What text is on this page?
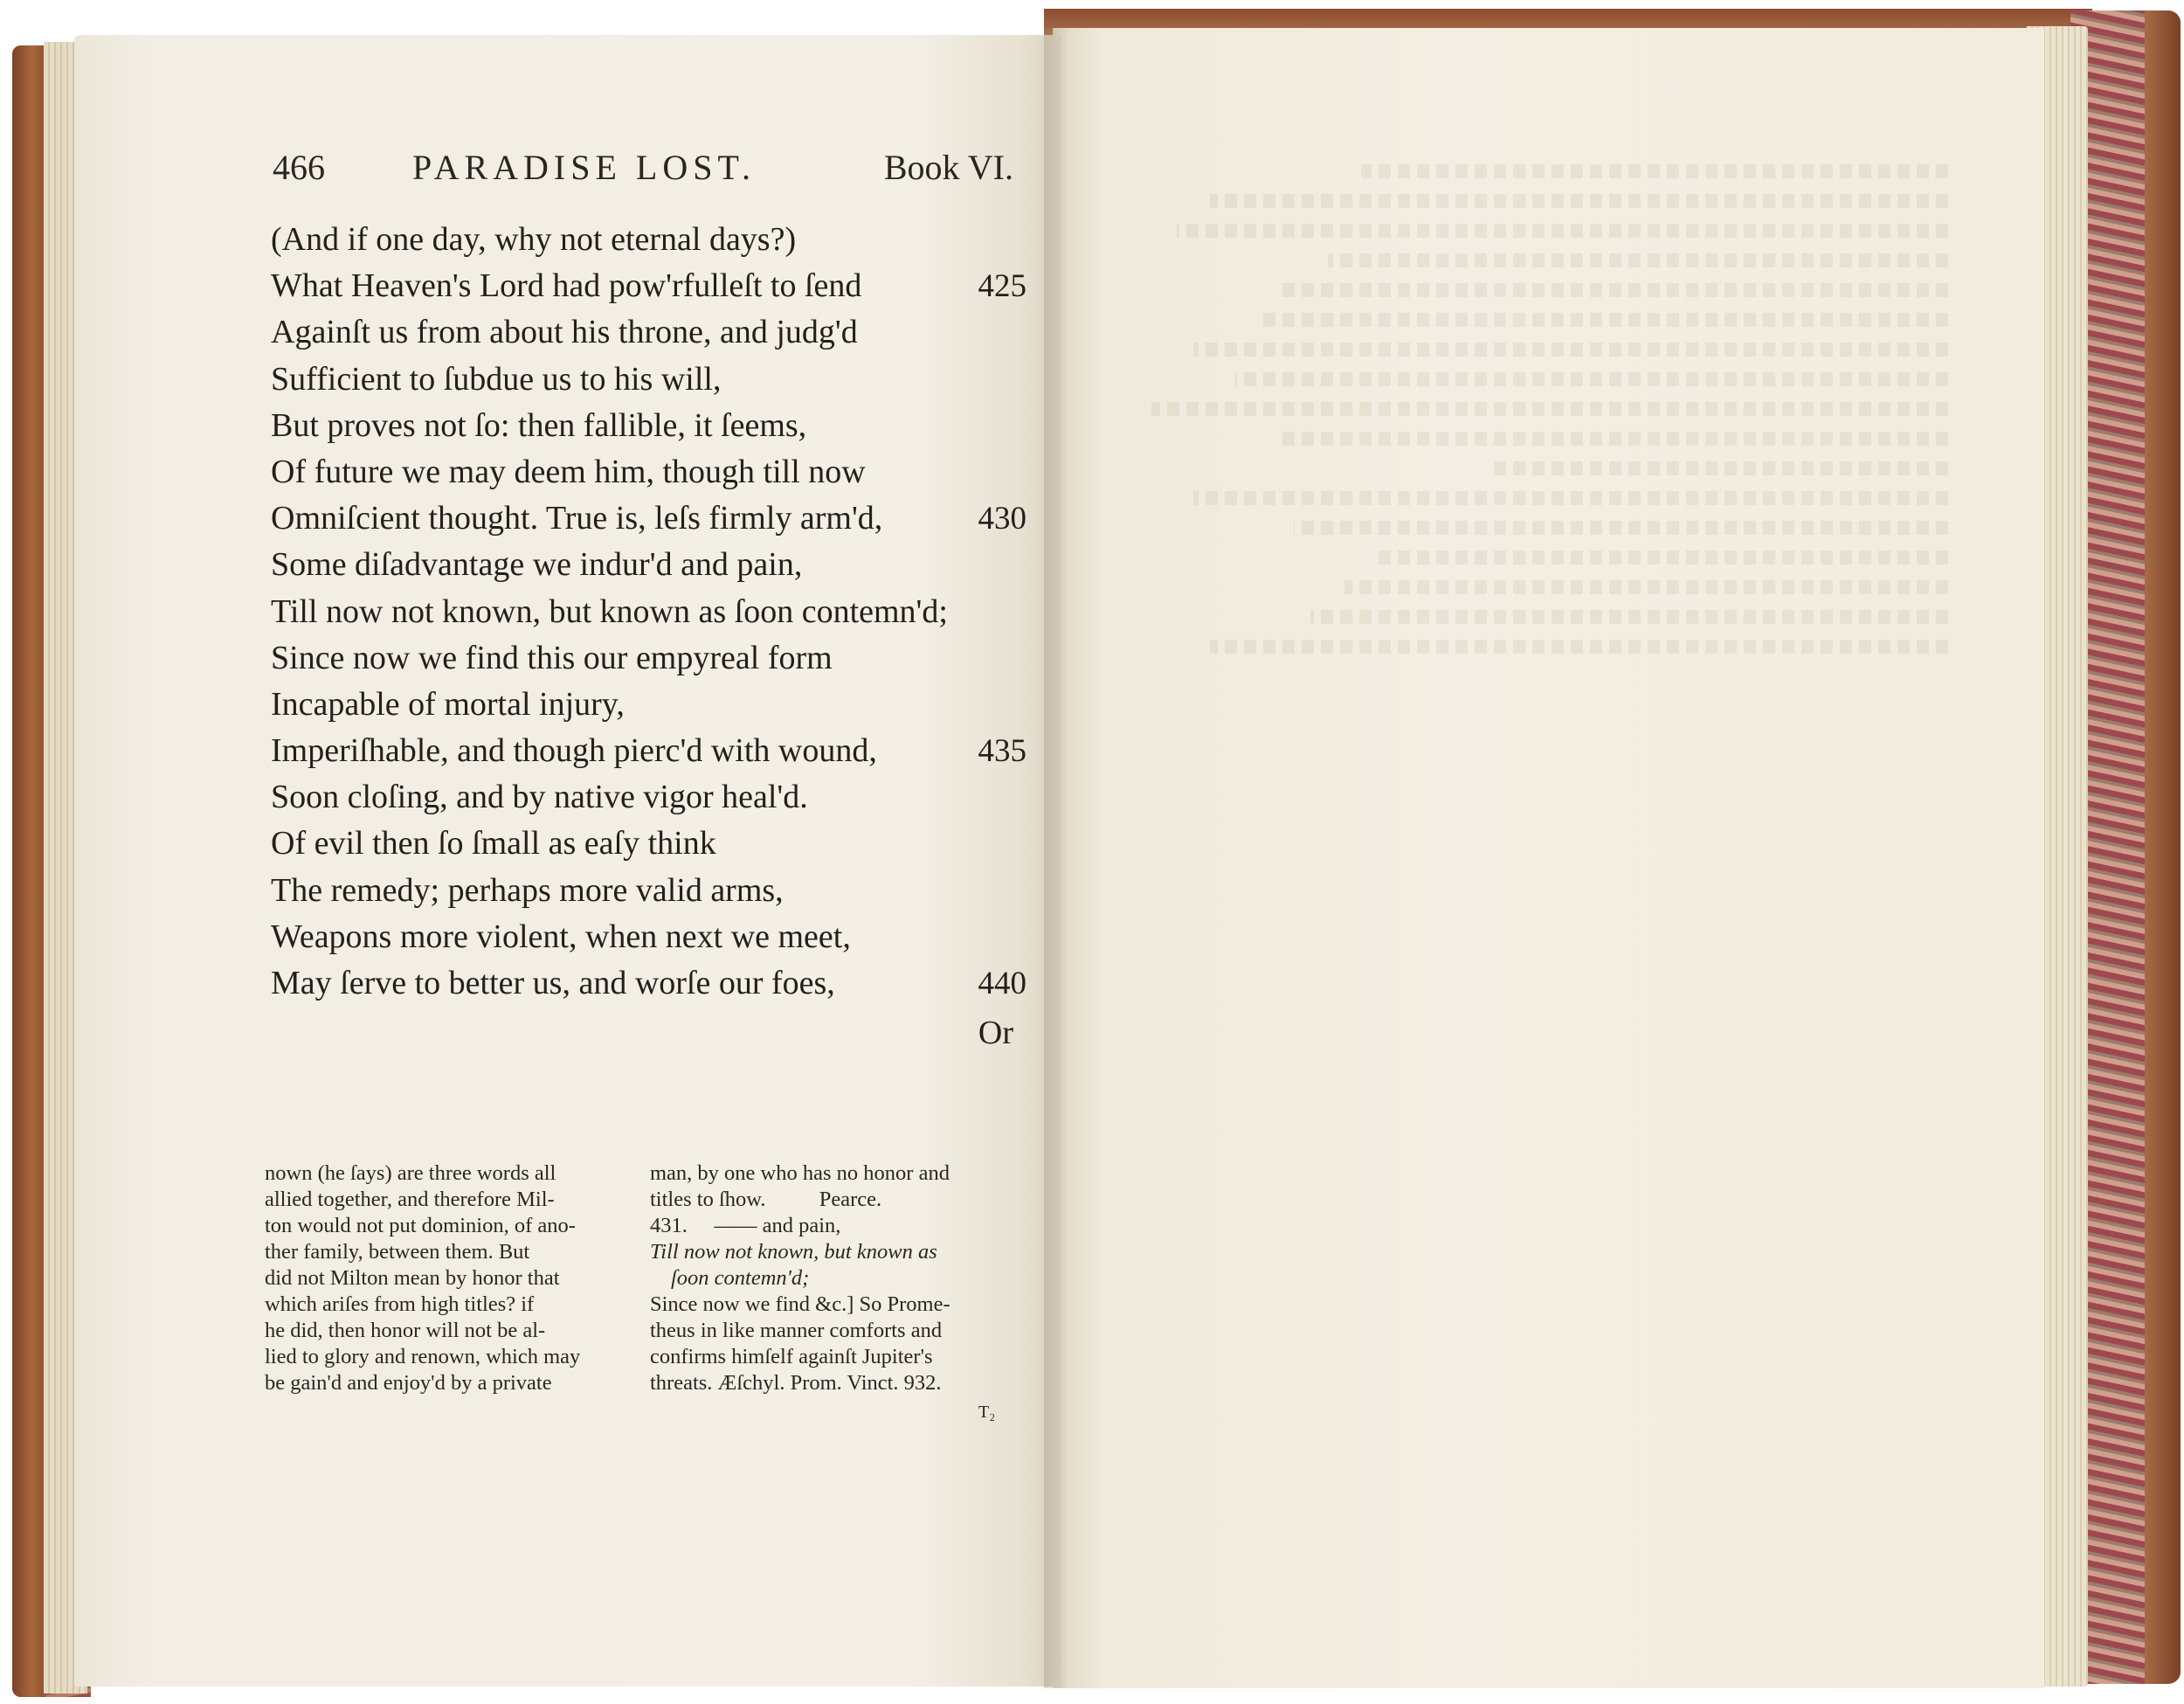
466	PARADISE LOST.	Book VI.
(And if one day, why not eternal days?)
What Heaven's Lord had pow'rfulleſt to ſend	425
Againſt us from about his throne, and judg'd
Sufficient to ſubdue us to his will,
But proves not ſo: then fallible, it ſeems,
Of future we may deem him, though till now
Omniſcient thought. True is, leſs firmly arm'd,	430
Some diſadvantage we indur'd and pain,
Till now not known, but known as ſoon contemn'd;
Since now we find this our empyreal form
Incapable of mortal injury,
Imperiſhable, and though pierc'd with wound,	435
Soon cloſing, and by native vigor heal'd.
Of evil then ſo ſmall as eaſy think
The remedy; perhaps more valid arms,
Weapons more violent, when next we meet,
May ſerve to better us, and worſe our foes,	440
Or
nown (he ſays) are three words all
allied together, and therefore Mil-
ton would not put dominion, of ano-
ther family, between them. But
did not Milton mean by honor that
which ariſes from high titles? if
he did, then honor will not be al-
lied to glory and renown, which may
be gain'd and enjoy'd by a private
man, by one who has no honor and
titles to ſhow.          Pearce.
431.     —— and pain,
Till now not known, but known as
ſoon contemn'd;
Since now we find &c.] So Prome-
theus in like manner comforts and
confirms himſelf againſt Jupiter's
threats. Æſchyl. Prom. Vinct. 932.
T₂
